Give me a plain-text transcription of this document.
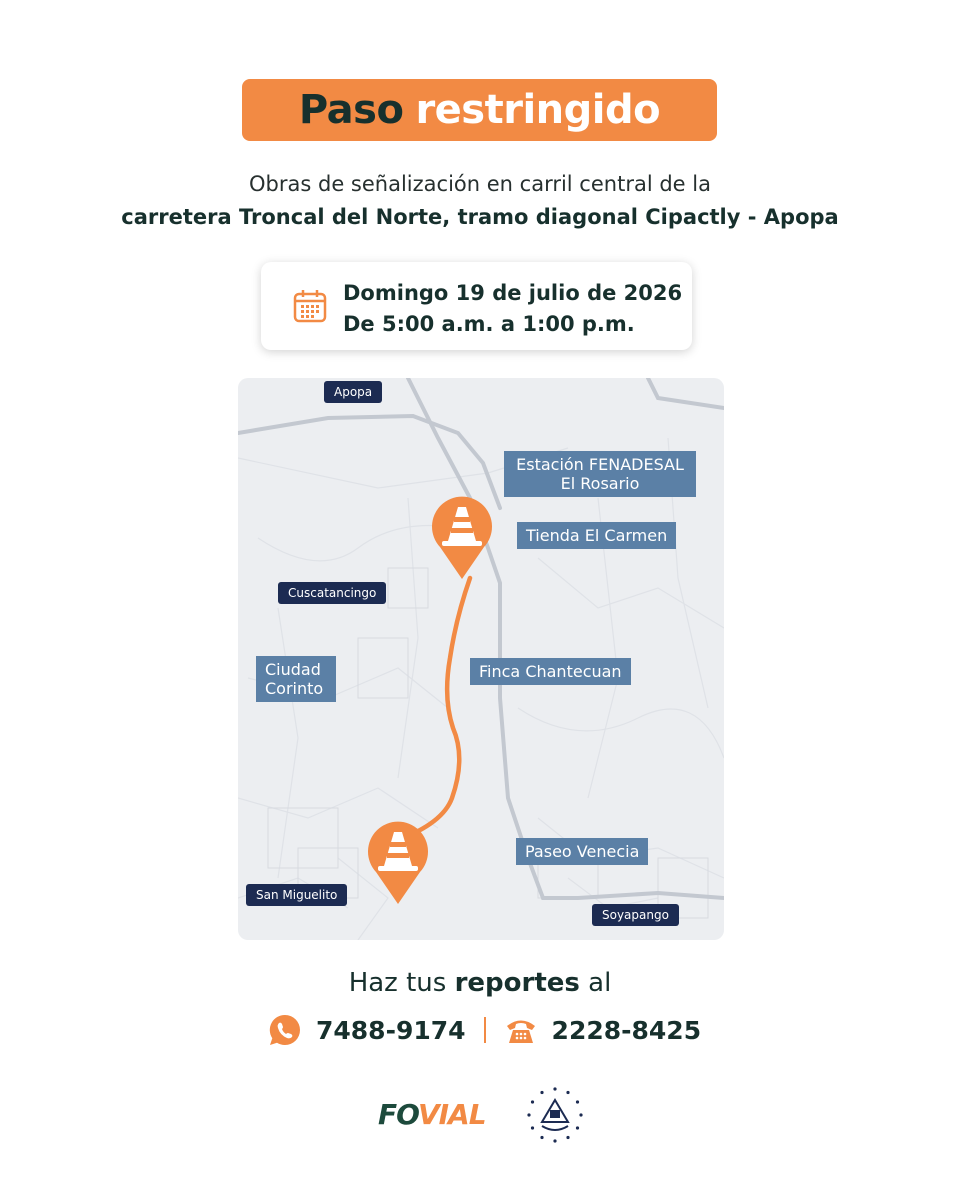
Paso restringido
Obras de señalización en carril central de la
carretera Troncal del Norte, tramo diagonal Cipactly - Apopa
Domingo 19 de julio de 2026
De 5:00 a.m. a 1:00 p.m.
Apopa
Cuscatancingo
San Miguelito
Soyapango
Estación FENADESAL El Rosario
Tienda El Carmen
Finca Chantecuan
Ciudad Corinto
Paseo Venecia
Haz tus reportes al
7488-9174	2228-8425
FOVIAL
